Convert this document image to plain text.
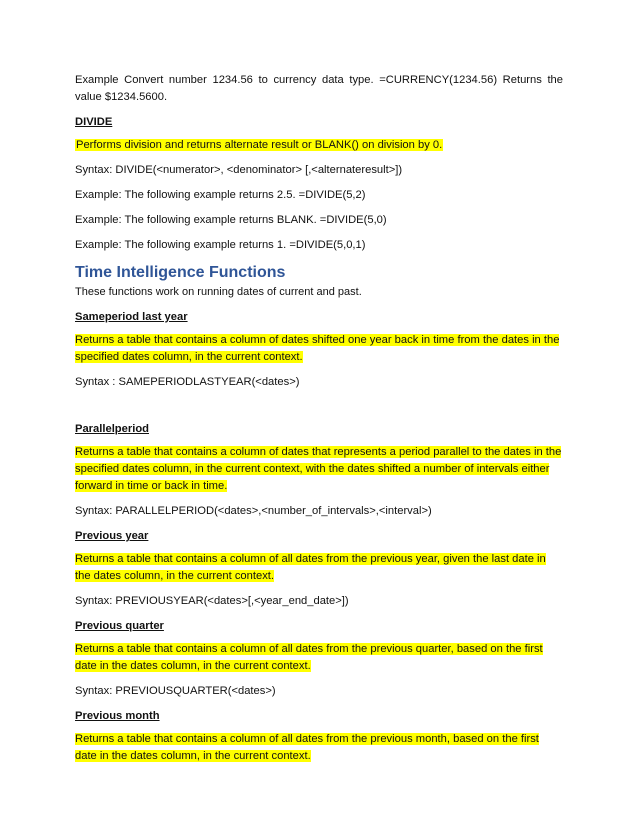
Example Convert number 1234.56 to currency data type. =CURRENCY(1234.56) Returns the value $1234.5600.

DIVIDE

Performs division and returns alternate result or BLANK() on division by 0.

Syntax: DIVIDE(<numerator>, <denominator> [,<alternateresult>])

Example: The following example returns 2.5. =DIVIDE(5,2)

Example: The following example returns BLANK. =DIVIDE(5,0)

Example: The following example returns 1. =DIVIDE(5,0,1)

Time Intelligence Functions

These functions work on running dates of current and past.

Sameperiod last year

Returns a table that contains a column of dates shifted one year back in time from the dates in the specified dates column, in the current context.

Syntax : SAMEPERIODLASTYEAR(<dates>)

Parallelperiod

Returns a table that contains a column of dates that represents a period parallel to the dates in the specified dates column, in the current context, with the dates shifted a number of intervals either forward in time or back in time.

Syntax: PARALLELPERIOD(<dates>,<number_of_intervals>,<interval>)

Previous year

Returns a table that contains a column of all dates from the previous year, given the last date in the dates column, in the current context.

Syntax: PREVIOUSYEAR(<dates>[,<year_end_date>])

Previous quarter

Returns a table that contains a column of all dates from the previous quarter, based on the first date in the dates column, in the current context.

Syntax: PREVIOUSQUARTER(<dates>)

Previous month

Returns a table that contains a column of all dates from the previous month, based on the first date in the dates column, in the current context.
